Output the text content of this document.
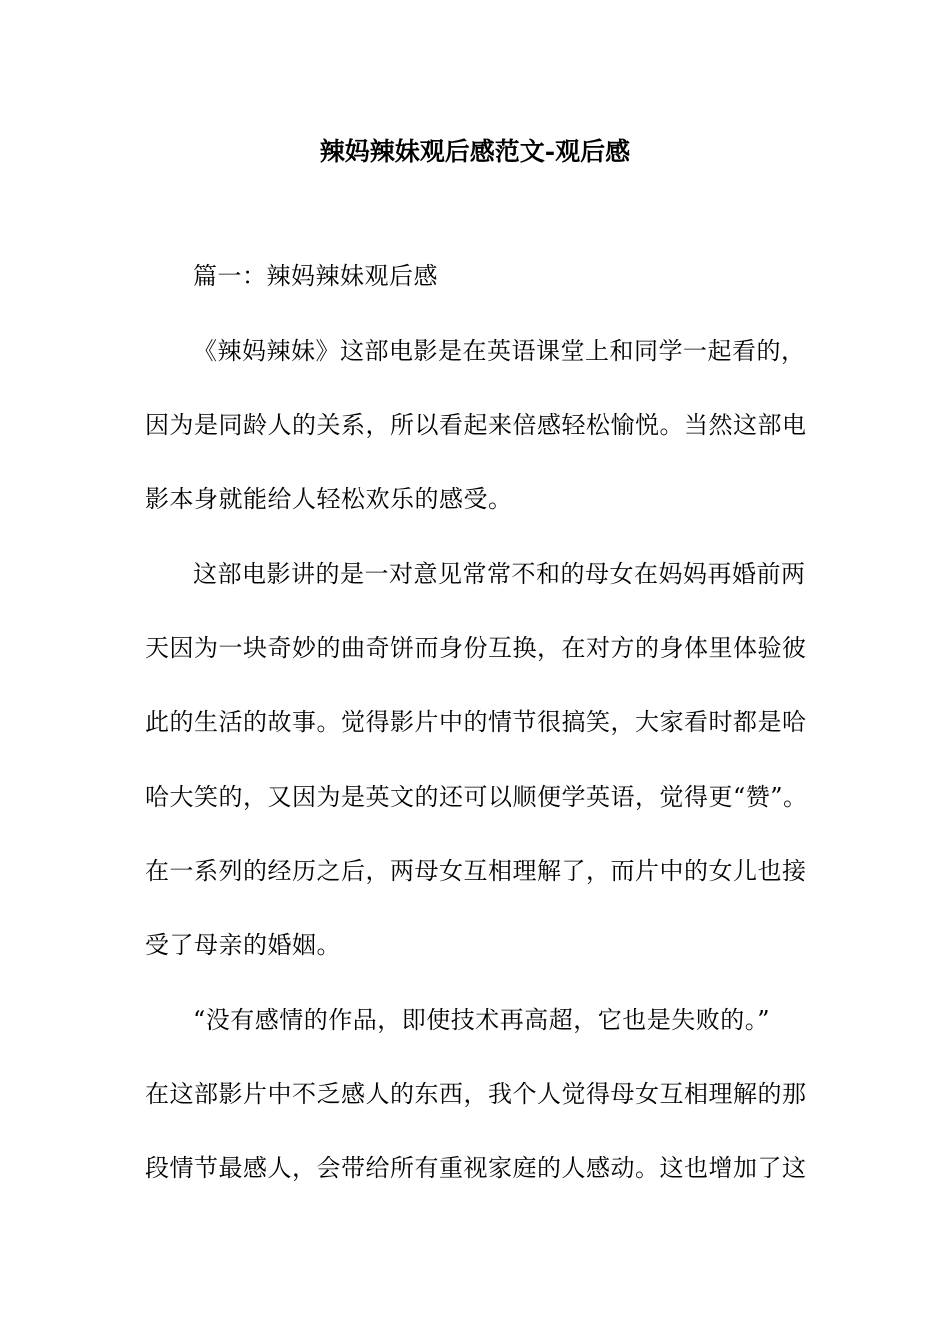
辣妈辣妹观后感范文-观后感
篇一：辣妈辣妹观后感
《辣妈辣妹》这部电影是在英语课堂上和同学一起看的，
因为是同龄人的关系，所以看起来倍感轻松愉悦。当然这部电
影本身就能给人轻松欢乐的感受。
这部电影讲的是一对意见常常不和的母女在妈妈再婚前两
天因为一块奇妙的曲奇饼而身份互换，在对方的身体里体验彼
此的生活的故事。觉得影片中的情节很搞笑，大家看时都是哈
哈大笑的，又因为是英文的还可以顺便学英语，觉得更“赞”。
在一系列的经历之后，两母女互相理解了，而片中的女儿也接
受了母亲的婚姻。
“没有感情的作品，即使技术再高超，它也是失败的。”
在这部影片中不乏感人的东西，我个人觉得母女互相理解的那
段情节最感人，会带给所有重视家庭的人感动。这也增加了这
